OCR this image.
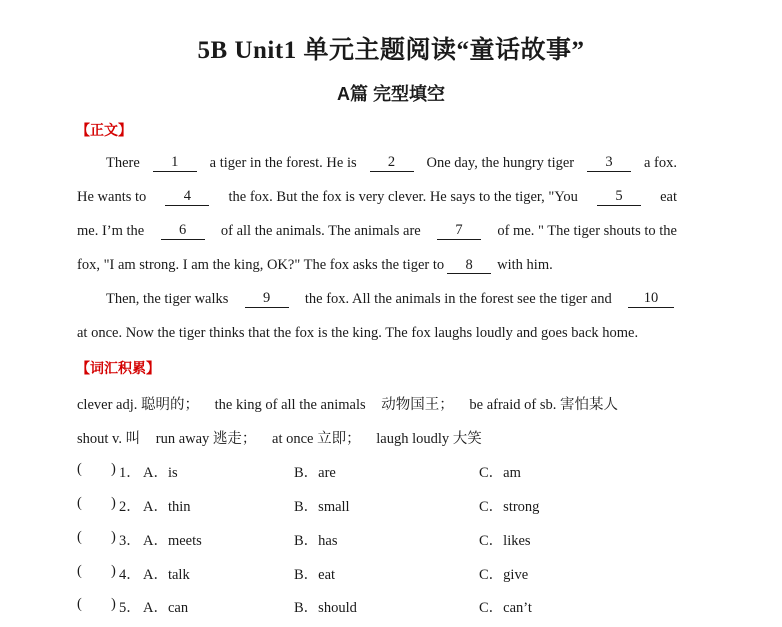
5B Unit1 单元主题阅读“童话故事”
A篇 完型填空
【正文】
There	1	a tiger in the forest. He is	2	One day, the hungry tiger	3	a fox.
He wants to	4	the fox. But the fox is very clever. He says to the tiger, "You	5	eat
me. I’m the	6	of all the animals. The animals are	7	of me. " The tiger shouts to the
fox, "I am strong. I am the king, OK?" The fox asks the tiger to 8 with him.
Then, the tiger walks	9	the fox. All the animals in the forest see the tiger and	10
at once. Now the tiger thinks that the fox is the king. The fox laughs loudly and goes back home.
【词汇积累】
clever adj. 聪明的； the king of all the animals 动物国王； be afraid of sb. 害怕某人
shout v. 叫 run away 逃走； at once 立即； laugh loudly 大笑
( ) 1． A．is	B．are	C．am
( ) 2． A．thin	B．small	C．strong
( ) 3． A．meets	B．has	C．likes
( ) 4． A．talk	B．eat	C．give
( ) 5． A．can	B．should	C．can’t
